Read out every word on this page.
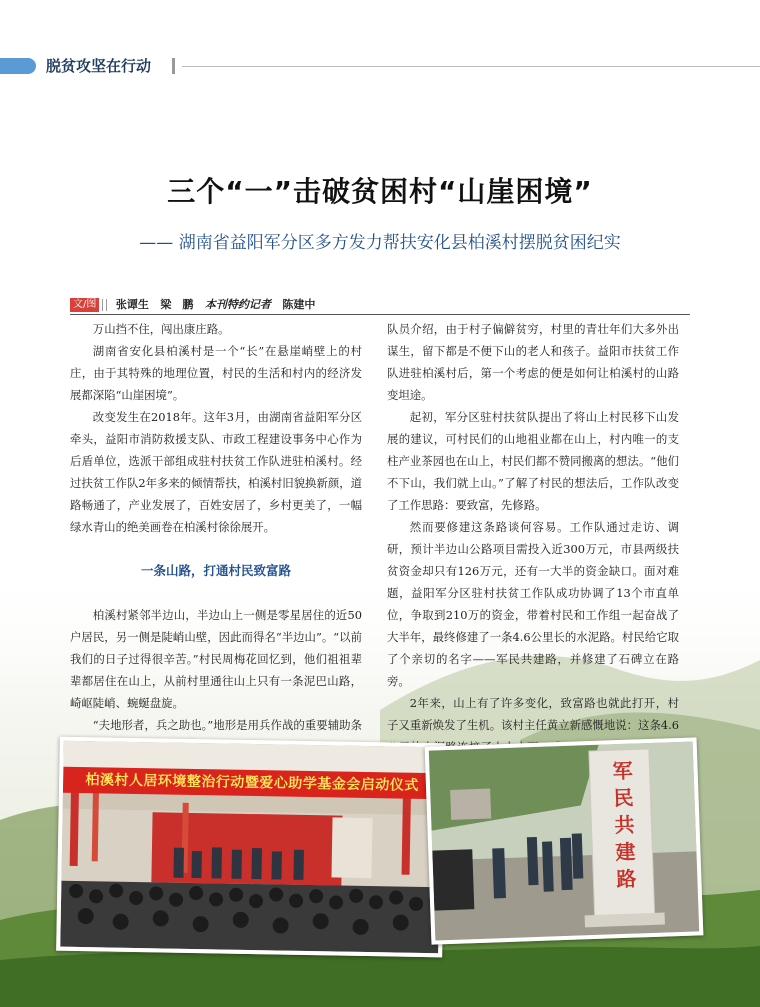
脱贫攻坚在行动
三个“一”击破贫困村“山崖困境”
—— 湖南省益阳军分区多方发力帮扶安化县柏溪村摆脱贫困纪实
文/图 张谭生 梁　鹏 本刊特约记者 陈建中

万山挡不住，闯出康庄路。

湖南省安化县柏溪村是一个“长”在悬崖峭壁上的村庄，由于其特殊的地理位置，村民的生活和村内的经济发展都深陷“山崖困境”。

改变发生在2018年。这年3月，由湖南省益阳军分区牵头，益阳市消防救援支队、市政工程建设事务中心作为后盾单位，选派干部组成驻村扶贫工作队进驻柏溪村。经过扶贫工作队2年多来的倾情帮扶，柏溪村旧貌换新颜，道路畅通了，产业发展了，百姓安居了，乡村更美了，一幅绿水青山的绝美画卷在柏溪村徐徐展开。

一条山路，打通村民致富路

柏溪村紧邻半边山，半边山上一侧是零星居住的近50户居民，另一侧是陡峭山壁，因此而得名“半边山”。“以前我们的日子过得很辛苦。”村民周梅花回忆到，他们祖祖辈辈都居住在山上，从前村里通往山上只有一条泥巴山路，崎岖陡峭、蜿蜒盘旋。

“夫地形者，兵之助也。”地形是用兵作战的重要辅助条

队员介绍，由于村子偏僻贫穷，村里的青壮年们大多外出谋生，留下都是不便下山的老人和孩子。益阳市扶贫工作队进驻柏溪村后，第一个考虑的便是如何让柏溪村的山路变坦途。

起初，军分区驻村扶贫队提出了将山上村民移下山发展的建议，可村民们的山地祖业都在山上，村内唯一的支柱产业茶园也在山上，村民们都不赞同搬离的想法。“他们不下山，我们就上山。”了解了村民的想法后，工作队改变了工作思路：要致富，先修路。

然而要修建这条路谈何容易。工作队通过走访、调研，预计半边山公路项目需投入近300万元，市县两级扶贫资金却只有126万元，还有一大半的资金缺口。面对难题，益阳军分区驻村扶贫工作队成功协调了13个市直单位，争取到210万的资金，带着村民和工作组一起奋战了大半年，最终修建了一条4.6公里长的水泥路。村民给它取了个亲切的名字——军民共建路，并修建了石碑立在路旁。

2年来，山上有了许多变化，致富路也就此打开，村子又重新焕发了生机。该村主任黄立新感慨地说：这条4.6

柏溪村人居环境整治行动暨爱心助学基金会启动仪式	军民共建路
